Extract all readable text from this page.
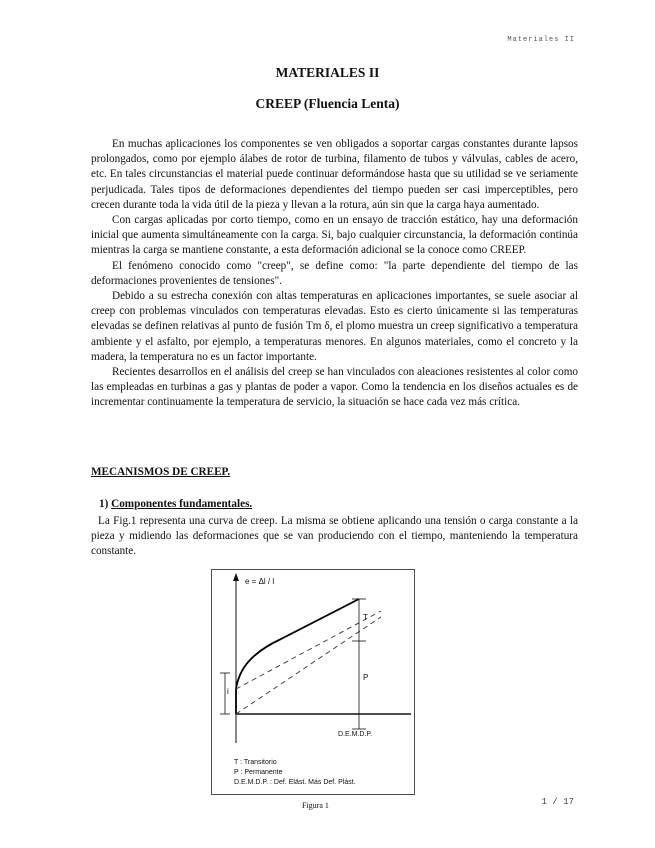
Materiales II
MATERIALES II
CREEP (Fluencia Lenta)

En muchas aplicaciones los componentes se ven obligados a soportar cargas constantes durante lapsos prolongados, como por ejemplo álabes de rotor de turbina, filamento de tubos y válvulas, cables de acero, etc. En tales circunstancias el material puede continuar deformándose hasta que su utilidad se ve seriamente perjudicada. Tales tipos de deformaciones dependientes del tiempo pueden ser casi imperceptibles, pero crecen durante toda la vida útil de la pieza y llevan a la rotura, aún sin que la carga haya aumentado.

Con cargas aplicadas por corto tiempo, como en un ensayo de tracción estático, hay una deformación inicial que aumenta simultáneamente con la carga. Si, bajo cualquier circunstancia, la deformación continúa mientras la carga se mantiene constante, a esta deformación adicional se la conoce como CREEP.

El fenómeno conocido como "creep", se define como: "la parte dependiente del tiempo de las deformaciones provenientes de tensiones".

Debido a su estrecha conexión con altas temperaturas en aplicaciones importantes, se suele asociar al creep con problemas vinculados con temperaturas elevadas. Esto es cierto únicamente si las temperaturas elevadas se definen relativas al punto de fusión Tm δ, el plomo muestra un creep significativo a temperatura ambiente y el asfalto, por ejemplo, a temperaturas menores. En algunos materiales, como el concreto y la madera, la temperatura no es un factor importante.

Recientes desarrollos en el análisis del creep se han vinculados con aleaciones resistentes al color como las empleadas en turbinas a gas y plantas de poder a vapor. Como la tendencia en los diseños actuales es de incrementar continuamente la temperatura de servicio, la situación se hace cada vez más crítica.

MECANISMOS DE CREEP.
1) Componentes fundamentales.

La Fig.1 representa una curva de creep. La misma se obtiene aplicando una tensión o carga constante a la pieza y midiendo las deformaciones que se van produciendo con el tiempo, manteniendo la temperatura constante.

e = Δl / l
T
P
i
D.E.M.D.P.
T : Transitorio
P : Permanente
D.E.M.D.P. : Def. Eläst. Más Def. Plást.
Figura 1	1 / 17
